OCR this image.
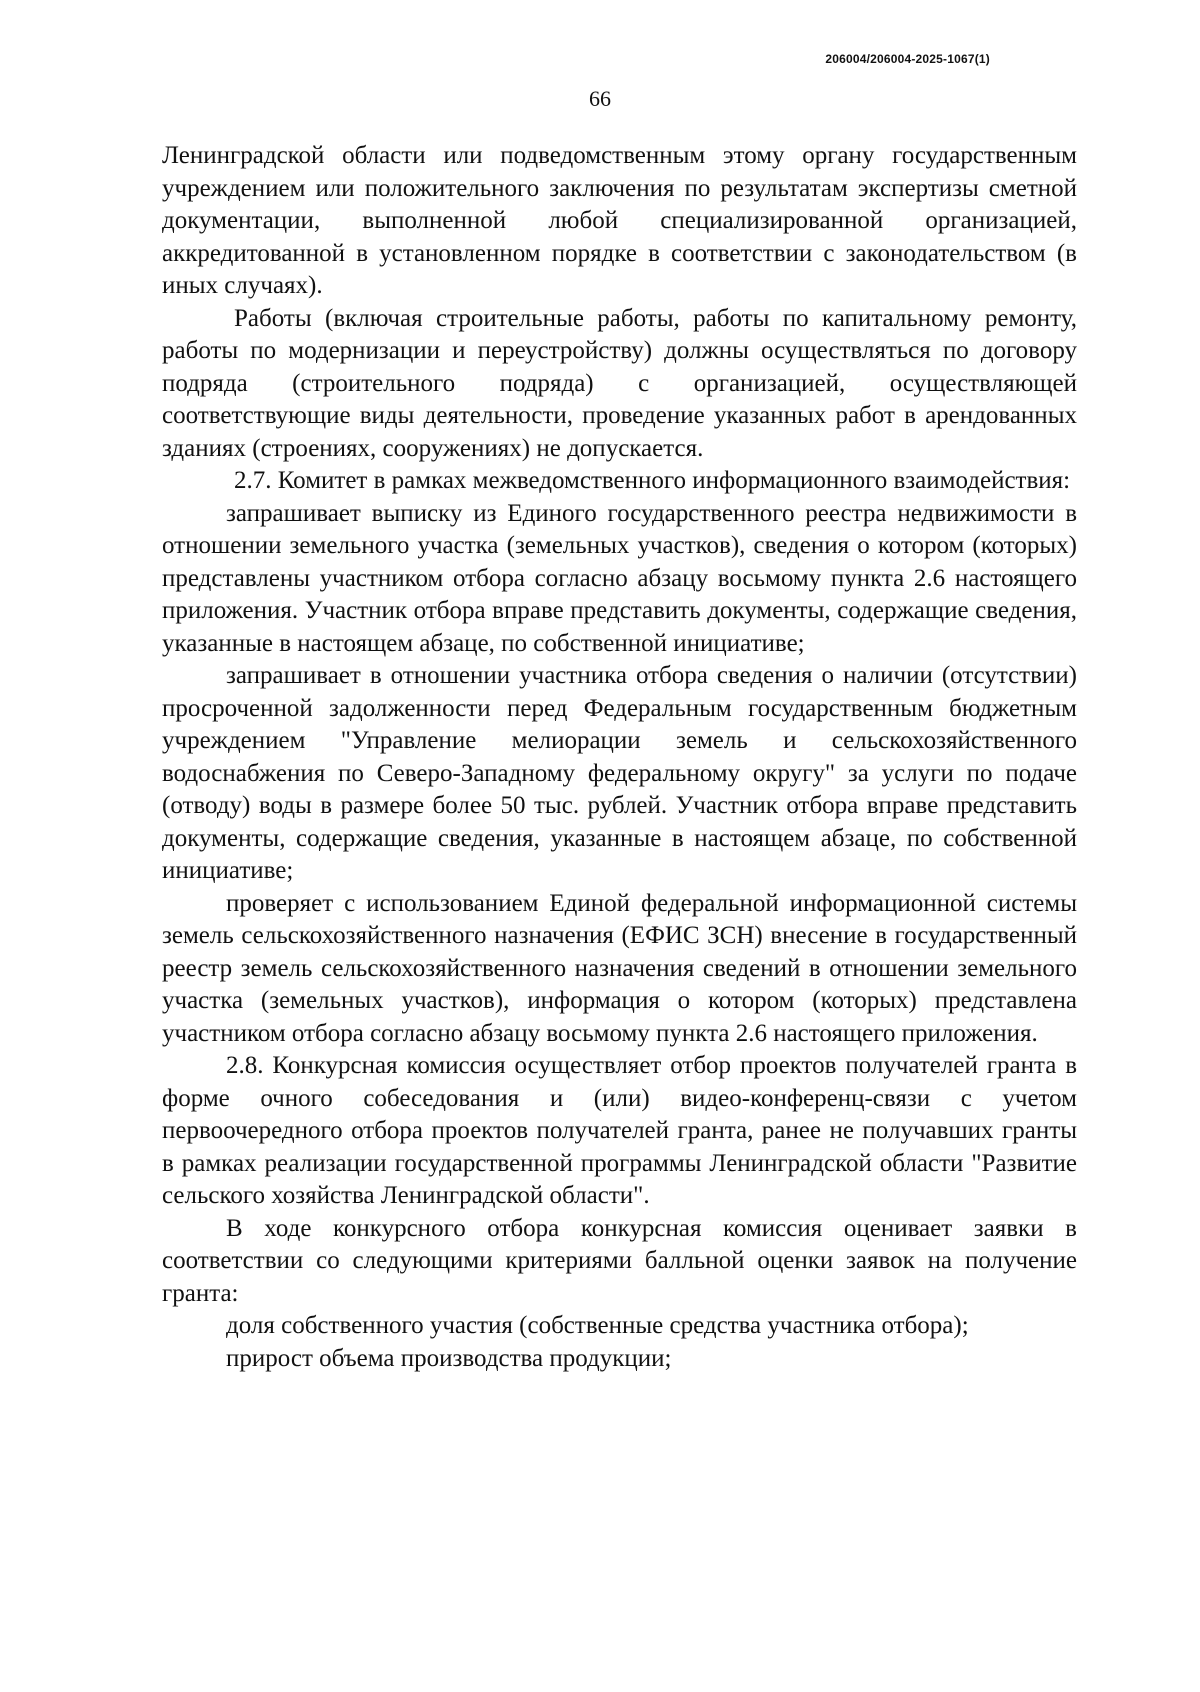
206004/206004-2025-1067(1)
66

Ленинградской области или подведомственным этому органу государственным учреждением или положительного заключения по результатам экспертизы сметной документации, выполненной любой специализированной организацией, аккредитованной в установленном порядке в соответствии с законодательством (в иных случаях).

Работы (включая строительные работы, работы по капитальному ремонту, работы по модернизации и переустройству) должны осуществляться по договору подряда (строительного подряда) с организацией, осуществляющей соответствующие виды деятельности, проведение указанных работ в арендованных зданиях (строениях, сооружениях) не допускается.

2.7. Комитет в рамках межведомственного информационного взаимодействия:

запрашивает выписку из Единого государственного реестра недвижимости в отношении земельного участка (земельных участков), сведения о котором (которых) представлены участником отбора согласно абзацу восьмому пункта 2.6 настоящего приложения. Участник отбора вправе представить документы, содержащие сведения, указанные в настоящем абзаце, по собственной инициативе;

запрашивает в отношении участника отбора сведения о наличии (отсутствии) просроченной задолженности перед Федеральным государственным бюджетным учреждением "Управление мелиорации земель и сельскохозяйственного водоснабжения по Северо-Западному федеральному округу" за услуги по подаче (отводу) воды в размере более 50 тыс. рублей. Участник отбора вправе представить документы, содержащие сведения, указанные в настоящем абзаце, по собственной инициативе;

проверяет с использованием Единой федеральной информационной системы земель сельскохозяйственного назначения (ЕФИС ЗСН) внесение в государственный реестр земель сельскохозяйственного назначения сведений в отношении земельного участка (земельных участков), информация о котором (которых) представлена участником отбора согласно абзацу восьмому пункта 2.6 настоящего приложения.

2.8. Конкурсная комиссия осуществляет отбор проектов получателей гранта в форме очного собеседования и (или) видео-конференц-связи с учетом первоочередного отбора проектов получателей гранта, ранее не получавших гранты в рамках реализации государственной программы Ленинградской области "Развитие сельского хозяйства Ленинградской области".

В ходе конкурсного отбора конкурсная комиссия оценивает заявки в соответствии со следующими критериями балльной оценки заявок на получение гранта:

доля собственного участия (собственные средства участника отбора);

прирост объема производства продукции;
